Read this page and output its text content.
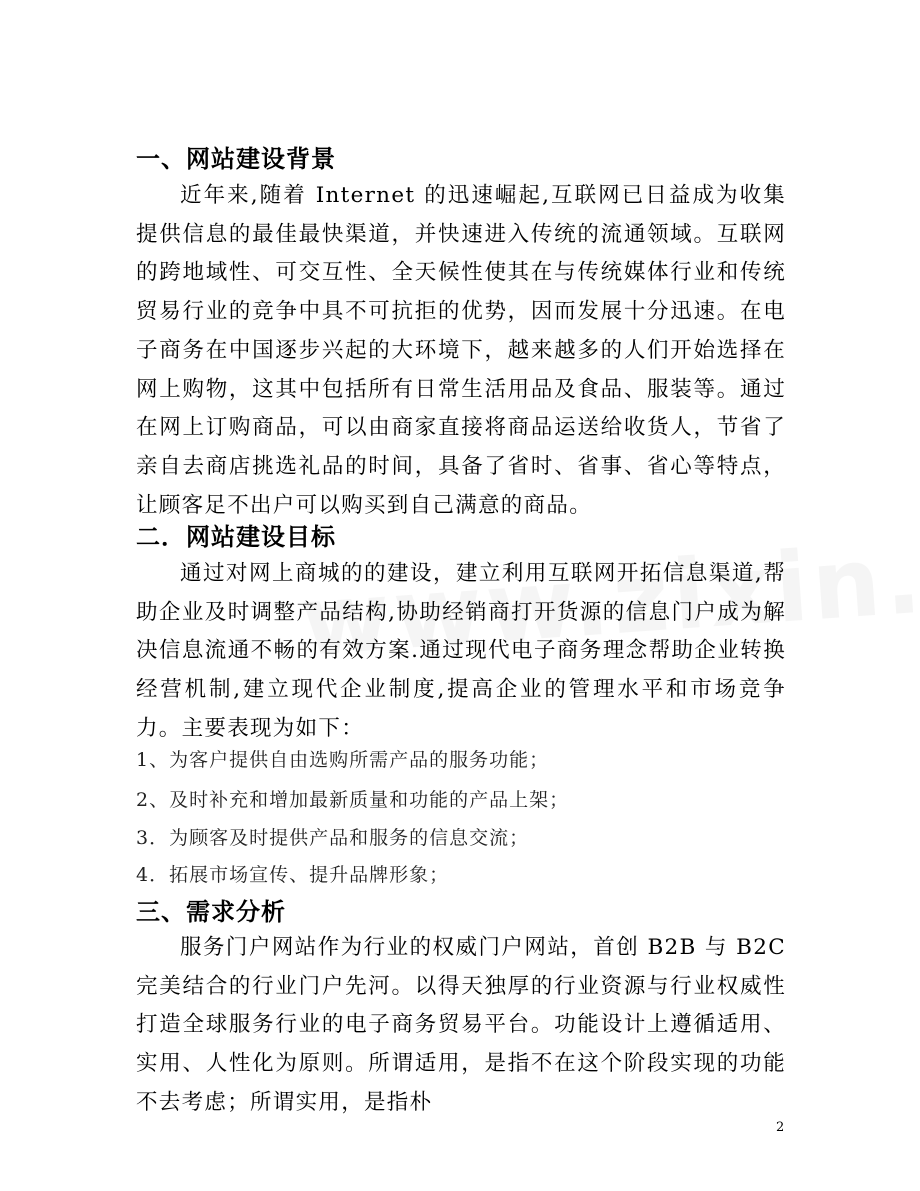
一、网站建设背景
近年来,随着 Internet 的迅速崛起,互联网已日益成为收集提供信息的最佳最快渠道，并快速进入传统的流通领域。互联网的跨地域性、可交互性、全天候性使其在与传统媒体行业和传统贸易行业的竞争中具不可抗拒的优势，因而发展十分迅速。在电子商务在中国逐步兴起的大环境下，越来越多的人们开始选择在网上购物，这其中包括所有日常生活用品及食品、服装等。通过在网上订购商品，可以由商家直接将商品运送给收货人，节省了亲自去商店挑选礼品的时间，具备了省时、省事、省心等特点，让顾客足不出户可以购买到自己满意的商品。
二．网站建设目标
通过对网上商城的的建设，建立利用互联网开拓信息渠道,帮助企业及时调整产品结构,协助经销商打开货源的信息门户成为解决信息流通不畅的有效方案.通过现代电子商务理念帮助企业转换经营机制,建立现代企业制度,提高企业的管理水平和市场竞争力。主要表现为如下：
1、为客户提供自由选购所需产品的服务功能；
2、及时补充和增加最新质量和功能的产品上架；
3．为顾客及时提供产品和服务的信息交流；
4．拓展市场宣传、提升品牌形象；
三、需求分析
服务门户网站作为行业的权威门户网站，首创 B2B 与 B2C 完美结合的行业门户先河。以得天独厚的行业资源与行业权威性打造全球服务行业的电子商务贸易平台。功能设计上遵循适用、实用、人性化为原则。所谓适用，是指不在这个阶段实现的功能不去考虑；所谓实用，是指朴
2
